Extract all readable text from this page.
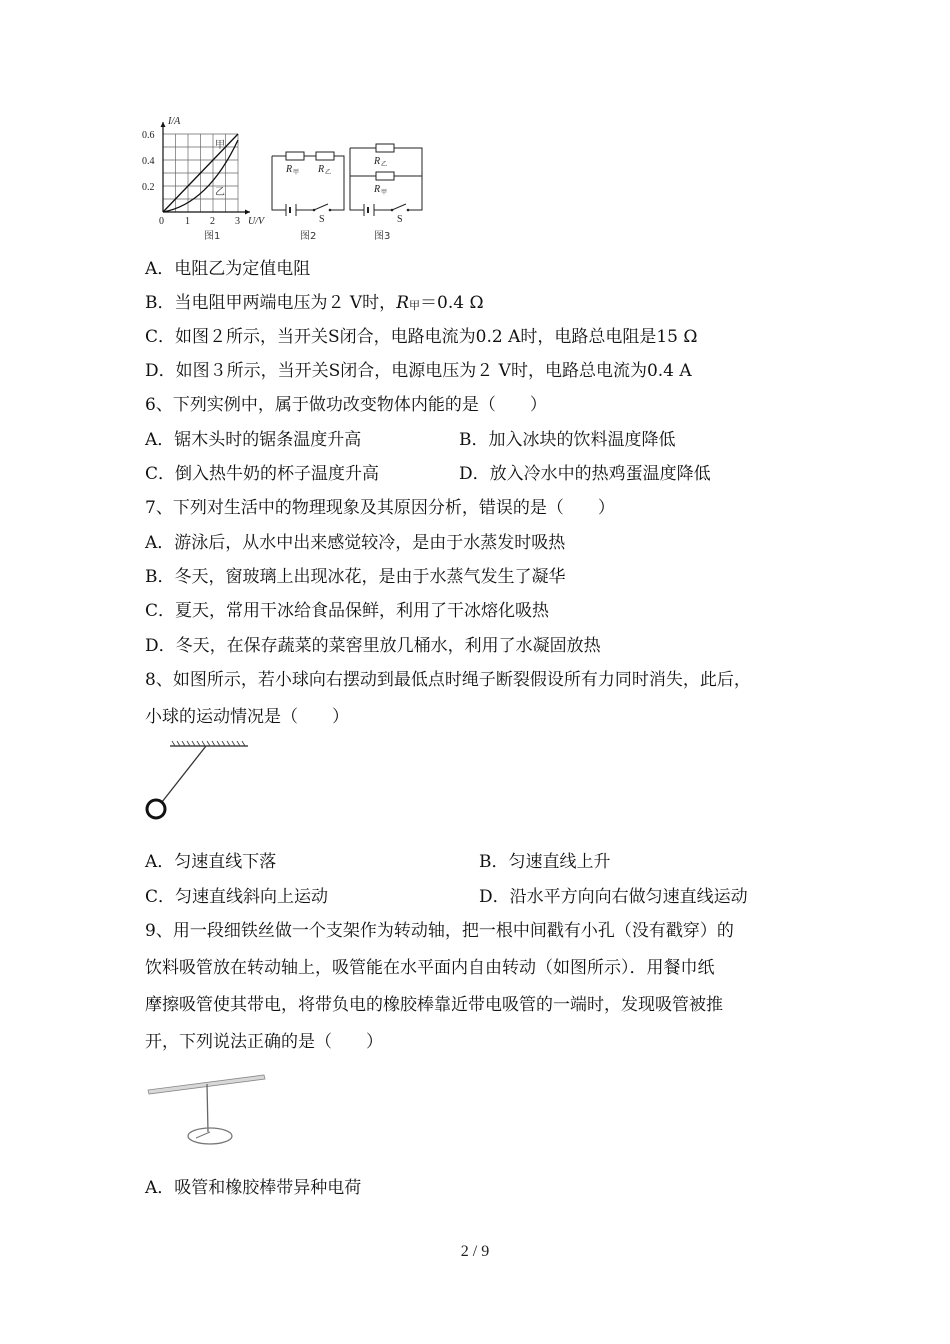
I/A
0.6
0.4
0.2
0 1 2 3 U/V
甲
乙
图1
R 甲 R 乙
S
图2
R 乙
R 甲
S
图3
A．电阻乙为定值电阻
B．当电阻甲两端电压为２ V时，$R_甲=0.4$ Ω
C．如图２所示，当开关S闭合，电路电流为0.2 A时，电路总电阻是15 Ω
D．如图３所示，当开关S闭合，电源电压为２ V时，电路总电流为0.4 A
6、下列实例中，属于做功改变物体内能的是（　　）
A．锯木头时的锯条温度升高	B．加入冰块的饮料温度降低
C．倒入热牛奶的杯子温度升高	D．放入冷水中的热鸡蛋温度降低
7、下列对生活中的物理现象及其原因分析，错误的是（　　）
A．游泳后，从水中出来感觉较冷，是由于水蒸发时吸热
B．冬天，窗玻璃上出现冰花，是由于水蒸气发生了凝华
C．夏天，常用干冰给食品保鲜，利用了干冰熔化吸热
D．冬天，在保存蔬菜的菜窖里放几桶水，利用了水凝固放热
8、如图所示，若小球向右摆动到最低点时绳子断裂假设所有力同时消失，此后，
小球的运动情况是（　　）
A．匀速直线下落	B．匀速直线上升
C．匀速直线斜向上运动	D．沿水平方向向右做匀速直线运动
9、用一段细铁丝做一个支架作为转动轴，把一根中间戳有小孔（没有戳穿）的
饮料吸管放在转动轴上，吸管能在水平面内自由转动（如图所示）．用餐巾纸
摩擦吸管使其带电，将带负电的橡胶棒靠近带电吸管的一端时，发现吸管被推
开，下列说法正确的是（　　）
A．吸管和橡胶棒带异种电荷
2 / 9
